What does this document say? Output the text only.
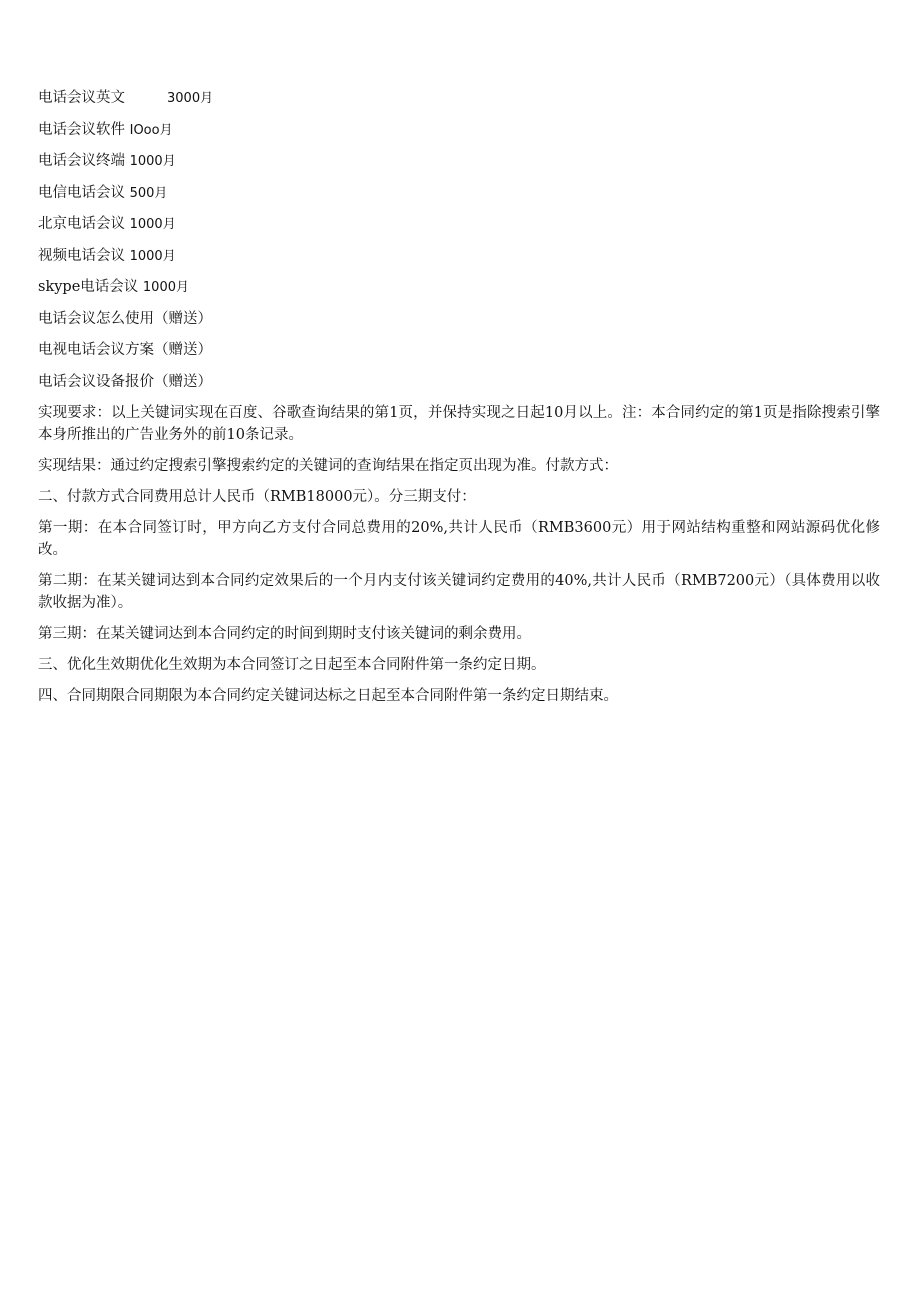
电话会议英文	3000月
电话会议软件 IOoo月
电话会议终端 1000月
电信电话会议 500月
北京电话会议 1000月
视频电话会议 1000月
skype电话会议 1000月
电话会议怎么使用（赠送）
电视电话会议方案（赠送）
电话会议设备报价（赠送）

实现要求：以上关键词实现在百度、谷歌查询结果的第1页，并保持实现之日起10月以上。注：本合同约定的第1页是指除搜索引擎本身所推出的广告业务外的前10条记录。

实现结果：通过约定搜索引擎搜索约定的关键词的查询结果在指定页出现为准。付款方式：

二、付款方式合同费用总计人民币（RMB18000元）。分三期支付：

第一期：在本合同签订时，甲方向乙方支付合同总费用的20%,共计人民币（RMB3600元）用于网站结构重整和网站源码优化修改。

第二期：在某关键词达到本合同约定效果后的一个月内支付该关键词约定费用的40%,共计人民币（RMB7200元）（具体费用以收款收据为准）。

第三期：在某关键词达到本合同约定的时间到期时支付该关键词的剩余费用。

三、优化生效期优化生效期为本合同签订之日起至本合同附件第一条约定日期。

四、合同期限合同期限为本合同约定关键词达标之日起至本合同附件第一条约定日期结束。
